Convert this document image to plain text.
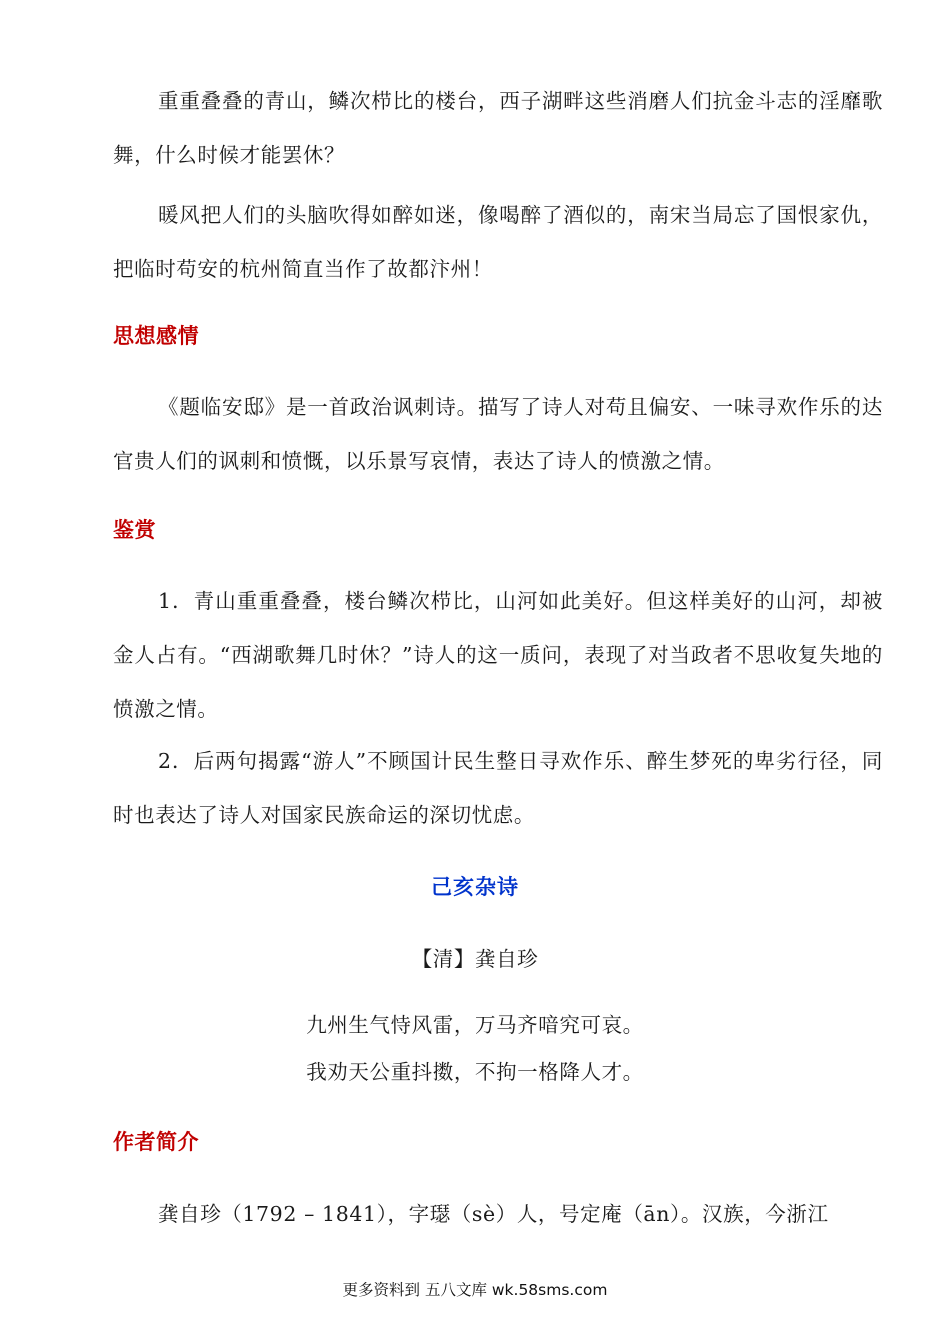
重重叠叠的青山，鳞次栉比的楼台，西子湖畔这些消磨人们抗金斗志的淫靡歌舞，什么时候才能罢休？

暖风把人们的头脑吹得如醉如迷，像喝醉了酒似的，南宋当局忘了国恨家仇，把临时苟安的杭州简直当作了故都汴州！

思想感情

《题临安邸》是一首政治讽刺诗。描写了诗人对苟且偏安、一味寻欢作乐的达官贵人们的讽刺和愤慨，以乐景写哀情，表达了诗人的愤激之情。

鉴赏

1．青山重重叠叠，楼台鳞次栉比，山河如此美好。但这样美好的山河，却被金人占有。“西湖歌舞几时休？”诗人的这一质问，表现了对当政者不思收复失地的愤激之情。

2．后两句揭露“游人”不顾国计民生整日寻欢作乐、醉生梦死的卑劣行径，同时也表达了诗人对国家民族命运的深切忧虑。

己亥杂诗

【清】龚自珍

九州生气恃风雷，万马齐喑究可哀。

我劝天公重抖擞，不拘一格降人才。

作者简介

龚自珍（1792 – 1841），字璱（sè）人，号定庵（ān）。汉族，今浙江

更多资料到 五八文库 wk.58sms.com
